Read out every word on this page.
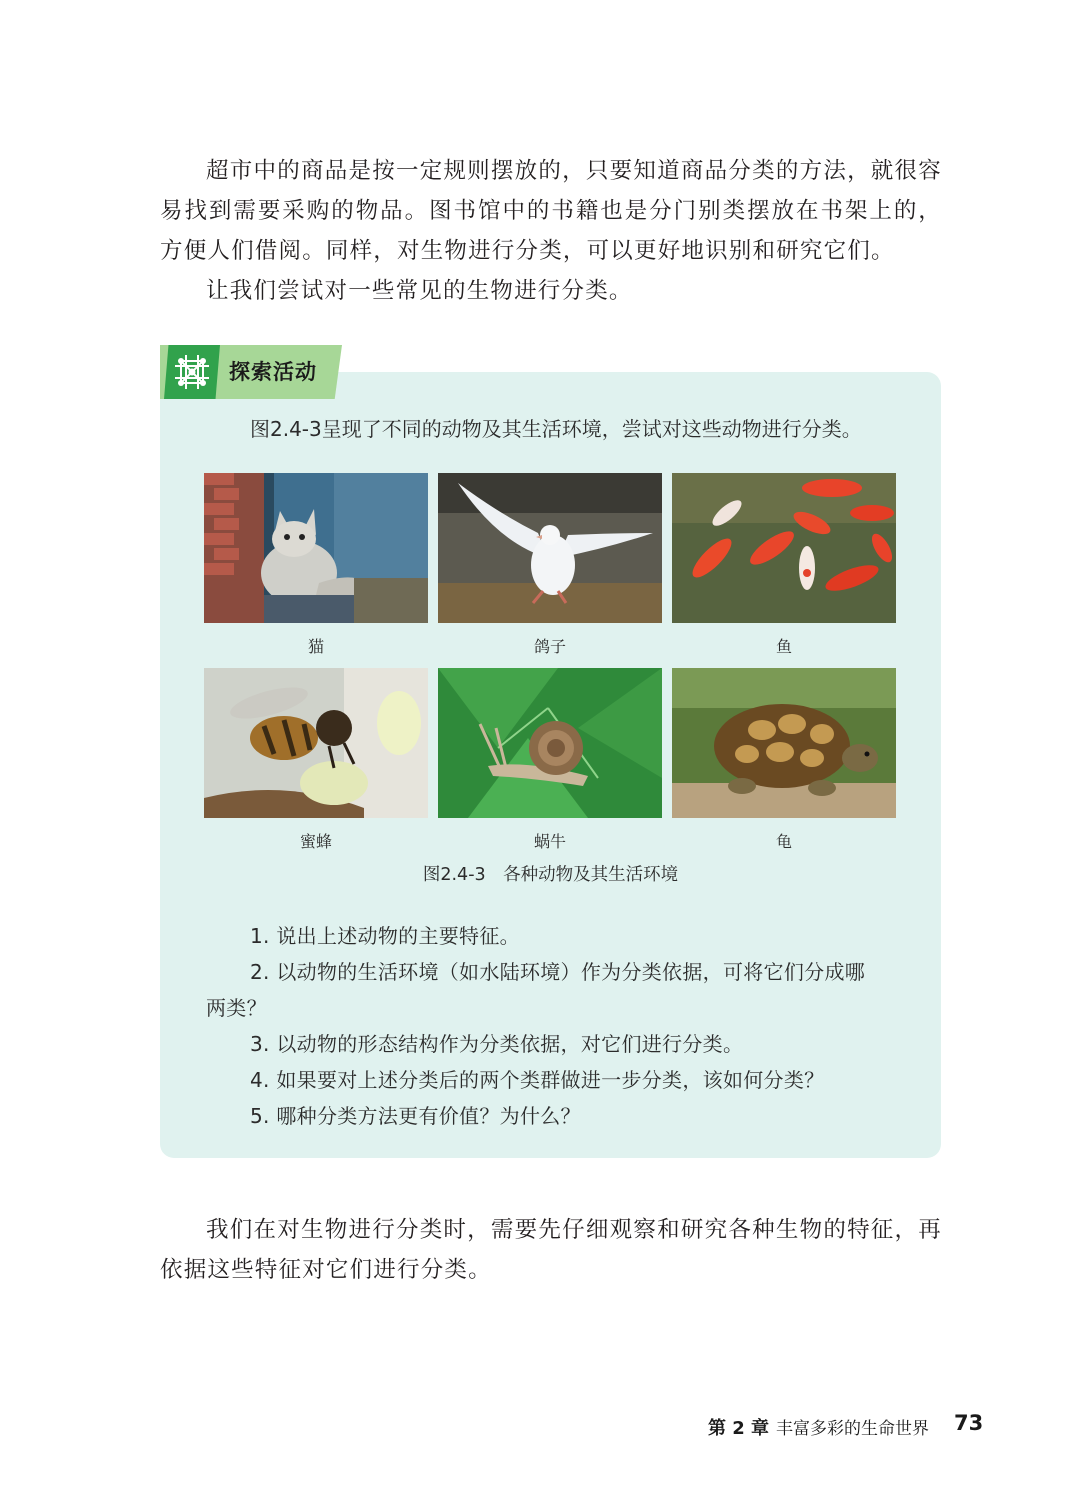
超市中的商品是按一定规则摆放的，只要知道商品分类的方法，就很容易找到需要采购的物品。图书馆中的书籍也是分门别类摆放在书架上的，方便人们借阅。同样，对生物进行分类，可以更好地识别和研究它们。

让我们尝试对一些常见的生物进行分类。

探索活动
图2.4-3呈现了不同的动物及其生活环境，尝试对这些动物进行分类。
猫	鸽子	鱼
蜜蜂	蜗牛	龟
图2.4-3　各种动物及其生活环境

1. 说出上述动物的主要特征。

2. 以动物的生活环境（如水陆环境）作为分类依据，可将它们分成哪

两类？

3. 以动物的形态结构作为分类依据，对它们进行分类。

4. 如果要对上述分类后的两个类群做进一步分类，该如何分类？

5. 哪种分类方法更有价值？为什么？

我们在对生物进行分类时，需要先仔细观察和研究各种生物的特征，再依据这些特征对它们进行分类。

第 2 章 丰富多彩的生命世界 73
